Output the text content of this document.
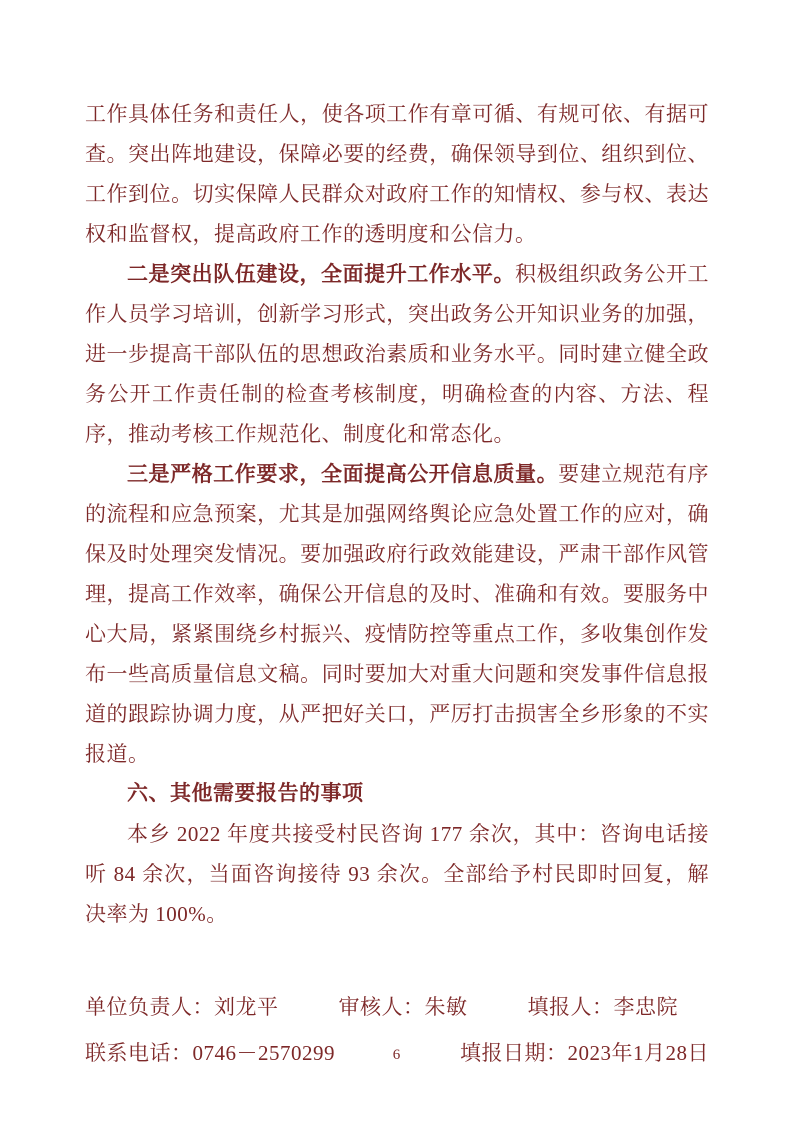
工作具体任务和责任人，使各项工作有章可循、有规可依、有据可查。突出阵地建设，保障必要的经费，确保领导到位、组织到位、工作到位。切实保障人民群众对政府工作的知情权、参与权、表达权和监督权，提高政府工作的透明度和公信力。

二是突出队伍建设，全面提升工作水平。积极组织政务公开工作人员学习培训，创新学习形式，突出政务公开知识业务的加强，进一步提高干部队伍的思想政治素质和业务水平。同时建立健全政务公开工作责任制的检查考核制度，明确检查的内容、方法、程序，推动考核工作规范化、制度化和常态化。

三是严格工作要求，全面提高公开信息质量。要建立规范有序的流程和应急预案，尤其是加强网络舆论应急处置工作的应对，确保及时处理突发情况。要加强政府行政效能建设，严肃干部作风管理，提高工作效率，确保公开信息的及时、准确和有效。要服务中心大局，紧紧围绕乡村振兴、疫情防控等重点工作，多收集创作发布一些高质量信息文稿。同时要加大对重大问题和突发事件信息报道的跟踪协调力度，从严把好关口，严厉打击损害全乡形象的不实报道。

六、其他需要报告的事项

本乡 2022 年度共接受村民咨询 177 余次，其中：咨询电话接听 84 余次，当面咨询接待 93 余次。全部给予村民即时回复，解决率为 100%。

单位负责人：刘龙平	审核人：朱敏	填报人：李忠院
联系电话：0746－2570299	填报日期：2023年1月28日
6
